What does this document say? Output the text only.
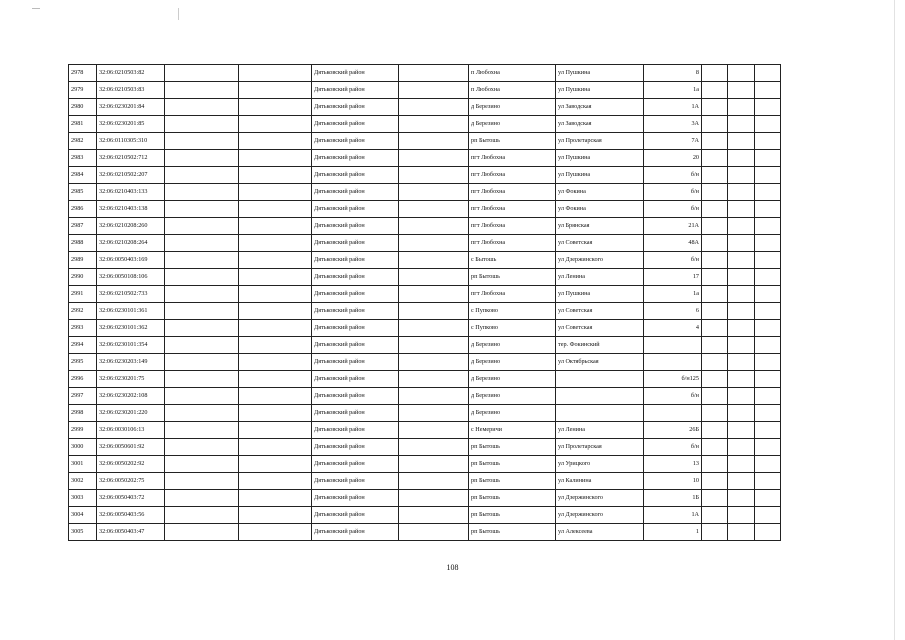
2978	32:06:0210503:82			Дятьковский район		п Любохна	ул Пушкина	8			
2979	32:06:0210503:83			Дятьковский район		п Любохна	ул Пушкина	1а			
2980	32:06:0230201:84			Дятьковский район		д Березино	ул Заводская	1А			
2981	32:06:0230201:85			Дятьковский район		д Березино	ул Заводская	3А			
2982	32:06:0110305:310			Дятьковский район		рп Бытошь	ул Пролетарская	7А			
2983	32:06:0210502:712			Дятьковский район		пгт Любохна	ул Пушкина	20			
2984	32:06:0210502:207			Дятьковский район		пгт Любохна	ул Пушкина	б/н			
2985	32:06:0210403:133			Дятьковский район		пгт Любохна	ул Фокина	б/н			
2986	32:06:0210403:138			Дятьковский район		пгт Любохна	ул Фокина	б/н			
2987	32:06:0210208:260			Дятьковский район		пгт Любохна	ул Брянская	21А			
2988	32:06:0210208:264			Дятьковский район		пгт Любохна	ул Советская	48А			
2989	32:06:0050403:169			Дятьковский район		с Бытошь	ул Дзержинского	б/н			
2990	32:06:0050108:106			Дятьковский район		рп Бытошь	ул Ленина	17			
2991	32:06:0210502:733			Дятьковский район		пгт Любохна	ул Пушкина	1а			
2992	32:06:0230101:361			Дятьковский район		с Пупково	ул Советская	6			
2993	32:06:0230101:362			Дятьковский район		с Пупково	ул Советская	4			
2994	32:06:0230101:354			Дятьковский район		д Березино	тер. Фокинский				
2995	32:06:0230203:149			Дятьковский район		д Березино	ул Октябрьская				
2996	32:06:0230201:75			Дятьковский район		д Березино		б/н125			
2997	32:06:0230202:108			Дятьковский район		д Березино		б/н			
2998	32:06:0230201:220			Дятьковский район		д Березино					
2999	32:06:0030106:13			Дятьковский район		с Немеричи	ул Ленина	26Б			
3000	32:06:0050601:92			Дятьковский район		рп Бытошь	ул Пролетарская	б/н			
3001	32:06:0050202:92			Дятьковский район		рп Бытошь	ул Урицкого	13			
3002	32:06:0050202:75			Дятьковский район		рп Бытошь	ул Калинина	10			
3003	32:06:0050403:72			Дятьковский район		рп Бытошь	ул Дзержинского	1Б			
3004	32:06:0050403:56			Дятьковский район		рп Бытошь	ул Дзержинского	1А			
3005	32:06:0050403:47			Дятьковский район		рп Бытошь	ул Алексеева	1			
108
